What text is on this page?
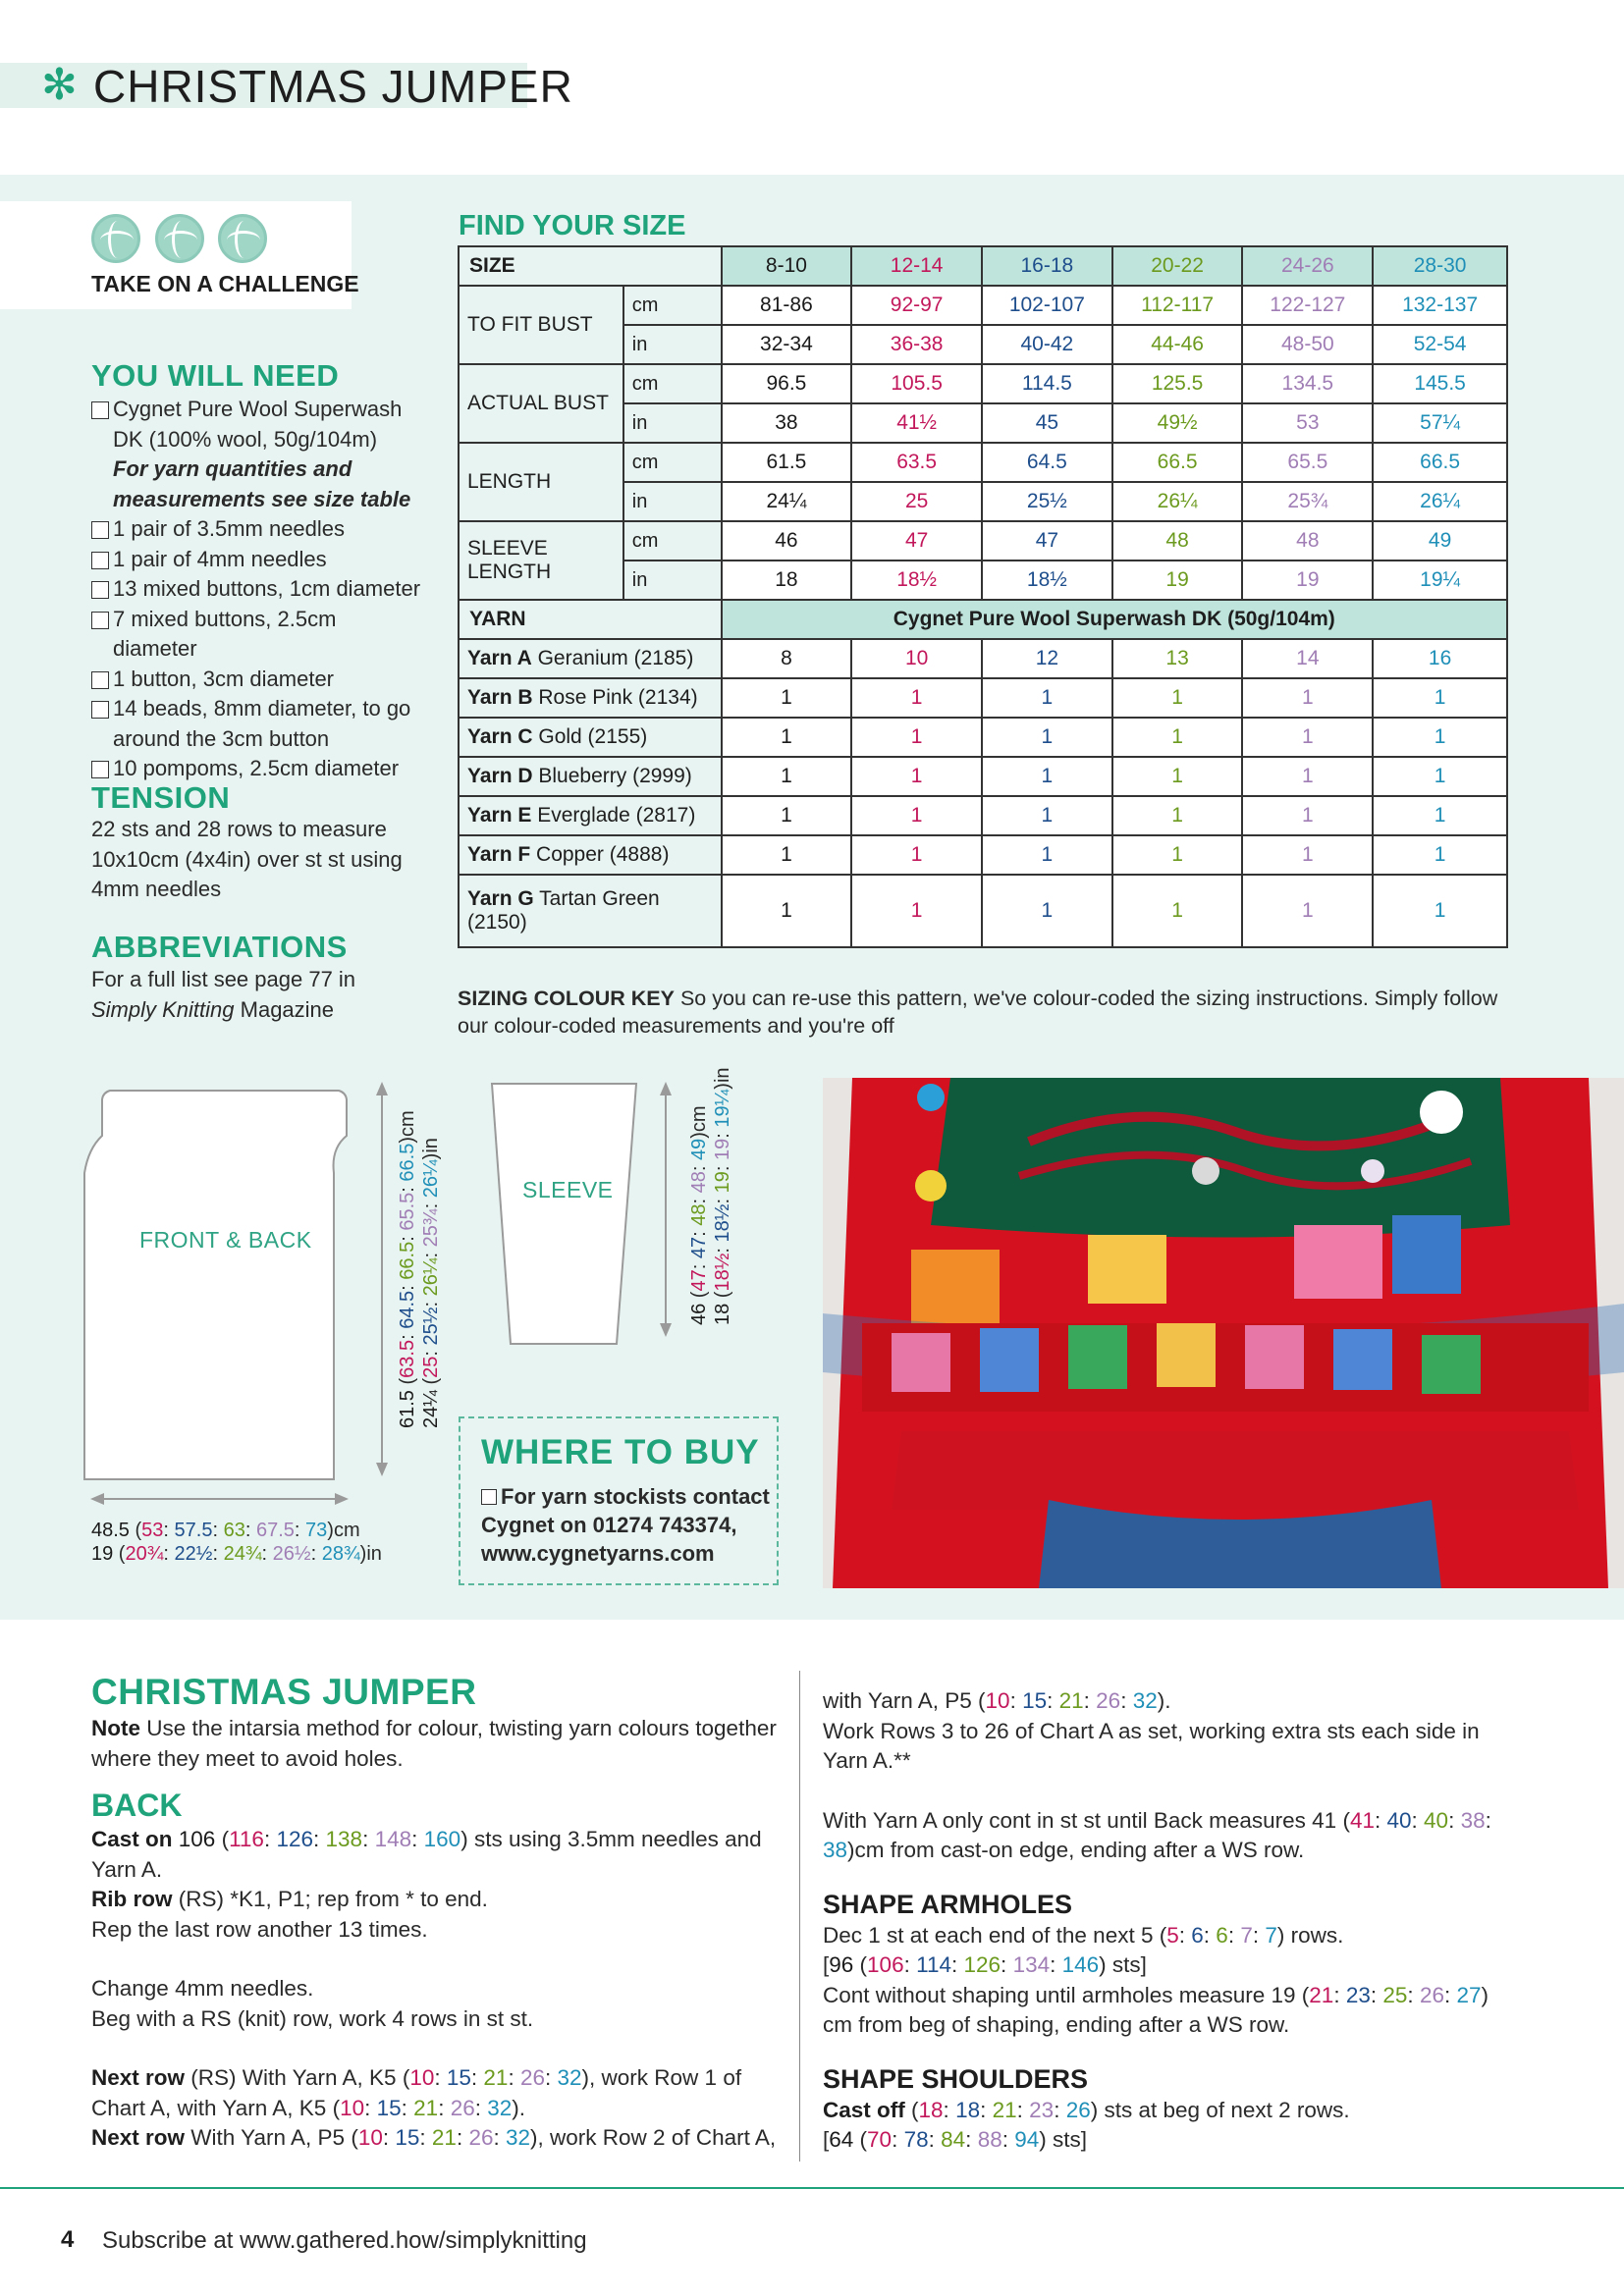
✻ CHRISTMAS JUMPER
TAKE ON A CHALLENGE
YOU WILL NEED
Cygnet Pure Wool Superwash DK (100% wool, 50g/104m)
For yarn quantities and measurements see size table
1 pair of 3.5mm needles
1 pair of 4mm needles
13 mixed buttons, 1cm diameter
7 mixed buttons, 2.5cm diameter
1 button, 3cm diameter
14 beads, 8mm diameter, to go around the 3cm button
10 pompoms, 2.5cm diameter
TENSION
22 sts and 28 rows to measure 10x10cm (4x4in) over st st using 4mm needles
ABBREVIATIONS
For a full list see page 77 in
Simply Knitting Magazine
FIND YOUR SIZE
SIZE		8-10	12-14	16-18	20-22	24-26	28-30
TO FIT BUST	cm	81-86	92-97	102-107	112-117	122-127	132-137
	in	32-34	36-38	40-42	44-46	48-50	52-54
ACTUAL BUST	cm	96.5	105.5	114.5	125.5	134.5	145.5
	in	38	41½	45	49½	53	57¼
LENGTH	cm	61.5	63.5	64.5	66.5	65.5	66.5
	in	24¼	25	25½	26¼	25¾	26¼
SLEEVE LENGTH	cm	46	47	47	48	48	49
	in	18	18½	18½	19	19	19¼
YARN		Cygnet Pure Wool Superwash DK (50g/104m)					
Yarn A Geranium (2185)		8	10	12	13	14	16
Yarn B Rose Pink (2134)		1	1	1	1	1	1
Yarn C Gold (2155)		1	1	1	1	1	1
Yarn D Blueberry (2999)		1	1	1	1	1	1
Yarn E Everglade (2817)		1	1	1	1	1	1
Yarn F Copper (4888)		1	1	1	1	1	1
Yarn G Tartan Green (2150)		1	1	1	1	1	1
SIZING COLOUR KEY So you can re-use this pattern, we've colour-coded the sizing instructions. Simply follow our colour-coded measurements and you're off
FRONT & BACK
SLEEVE
61.5 (63.5: 64.5: 66.5: 65.5: 66.5)cm
24¼ (25: 25½: 26¼: 25¾: 26¼)in
48.5 (53: 57.5: 63: 67.5: 73)cm
19 (20¾: 22½: 24¾: 26½: 28¾)in
46 (47: 47: 48: 48: 49)cm
18 (18½: 18½: 19: 19: 19¼)in
WHERE TO BUY
For yarn stockists contact Cygnet on 01274 743374, www.cygnetyarns.com
CHRISTMAS JUMPER
Note Use the intarsia method for colour, twisting yarn colours together where they meet to avoid holes.
BACK
Cast on 106 (116: 126: 138: 148: 160) sts using 3.5mm needles and Yarn A.
Rib row (RS) *K1, P1; rep from * to end.
Rep the last row another 13 times.
Change 4mm needles.
Beg with a RS (knit) row, work 4 rows in st st.
Next row (RS) With Yarn A, K5 (10: 15: 21: 26: 32), work Row 1 of Chart A, with Yarn A, K5 (10: 15: 21: 26: 32).
Next row With Yarn A, P5 (10: 15: 21: 26: 32), work Row 2 of Chart A,
with Yarn A, P5 (10: 15: 21: 26: 32).
Work Rows 3 to 26 of Chart A as set, working extra sts each side in Yarn A.**
With Yarn A only cont in st st until Back measures 41 (41: 40: 40: 38: 38)cm from cast-on edge, ending after a WS row.
SHAPE ARMHOLES
Dec 1 st at each end of the next 5 (5: 6: 6: 7: 7) rows.
[96 (106: 114: 126: 134: 146) sts]
Cont without shaping until armholes measure 19 (21: 23: 25: 26: 27) cm from beg of shaping, ending after a WS row.
SHAPE SHOULDERS
Cast off (18: 18: 21: 23: 26) sts at beg of next 2 rows.
[64 (70: 78: 84: 88: 94) sts]
4 Subscribe at www.gathered.how/simplyknitting
